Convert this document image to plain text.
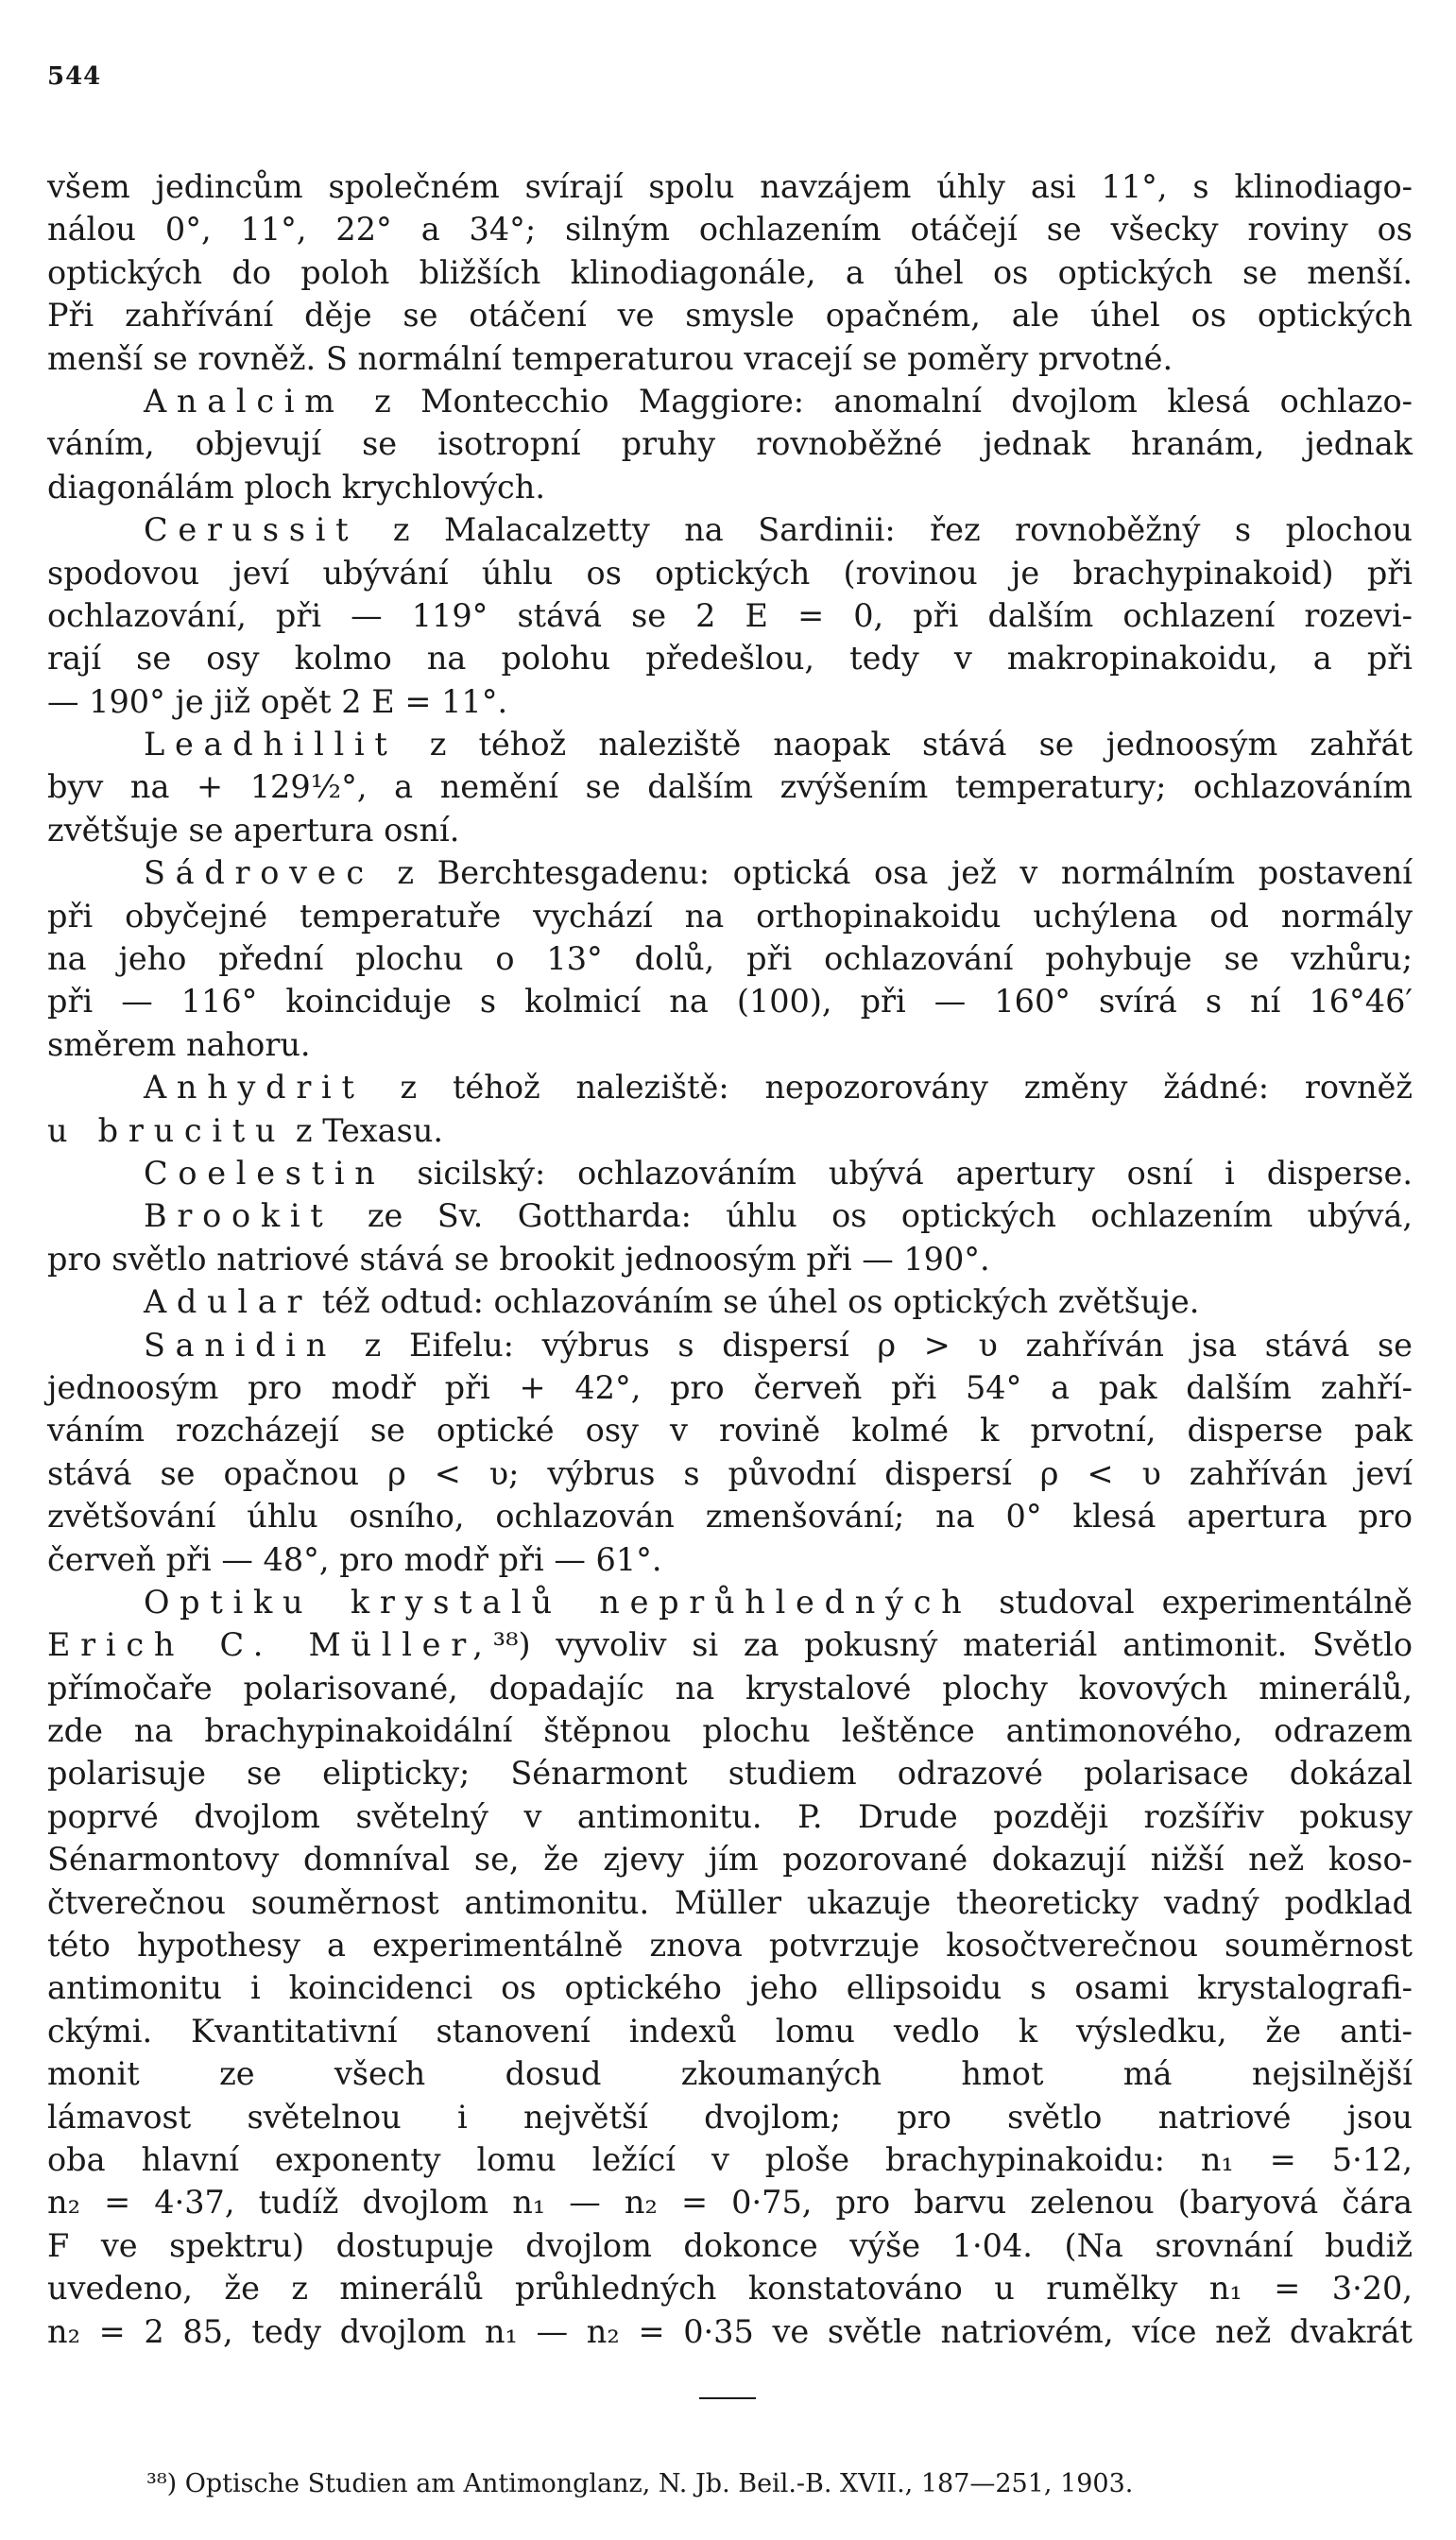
544
všem jedincům společném svírají spolu navzájem úhly asi 11°, s klinodiago-
nálou 0°, 11°, 22° a 34°; silným ochlazením otáčejí se všecky roviny os
optických do poloh bližších klinodiagonále, a úhel os optických se menší.
Při zahřívání děje se otáčení ve smysle opačném, ale úhel os optických
menší se rovněž. S normální temperaturou vracejí se poměry prvotné.
Analcim z Montecchio Maggiore: anomalní dvojlom klesá ochlazo-
váním, objevují se isotropní pruhy rovnoběžné jednak hranám, jednak
diagonálám ploch krychlových.
Cerussit z Malacalzetty na Sardinii: řez rovnoběžný s plochou
spodovou jeví ubývání úhlu os optických (rovinou je brachypinakoid) při
ochlazování, při — 119° stává se 2 E = 0, při dalším ochlazení rozevi-
rají se osy kolmo na polohu předešlou, tedy v makropinakoidu, a při
— 190° je již opět 2 E = 11°.
Leadhillit z téhož naleziště naopak stává se jednoosým zahřát
byv na + 129½°, a nemění se dalším zvýšením temperatury; ochlazováním
zvětšuje se apertura osní.
Sádrovec z Berchtesgadenu: optická osa jež v normálním postavení
při obyčejné temperatuře vychází na orthopinakoidu uchýlena od normály
na jeho přední plochu o 13° dolů, při ochlazování pohybuje se vzhůru;
při — 116° koinciduje s kolmicí na (100), při — 160° svírá s ní 16°46′
směrem nahoru.
Anhydrit z téhož naleziště: nepozorovány změny žádné: rovněž
u brucitu z Texasu.
Coelestin sicilský: ochlazováním ubývá apertury osní i disperse.
Brookit ze Sv. Gottharda: úhlu os optických ochlazením ubývá,
pro světlo natriové stává se brookit jednoosým při — 190°.
Adular též odtud: ochlazováním se úhel os optických zvětšuje.
Sanidin z Eifelu: výbrus s dispersí ρ > υ zahříván jsa stává se
jednoosým pro modř při + 42°, pro červeň při 54° a pak dalším zahří-
váním rozcházejí se optické osy v rovině kolmé k prvotní, disperse pak
stává se opačnou ρ < υ; výbrus s původní dispersí ρ < υ zahříván jeví
zvětšování úhlu osního, ochlazován zmenšování; na 0° klesá apertura pro
červeň při — 48°, pro modř při — 61°.
Optiku krystalů neprůhledných studoval experimentálně
Erich C. Müller,³⁸) vyvoliv si za pokusný materiál antimonit. Světlo
přímočaře polarisované, dopadajíc na krystalové plochy kovových minerálů,
zde na brachypinakoidální štěpnou plochu leštěnce antimonového, odrazem
polarisuje se elipticky; Sénarmont studiem odrazové polarisace dokázal
poprvé dvojlom světelný v antimonitu. P. Drude později rozšířiv pokusy
Sénarmontovy domníval se, že zjevy jím pozorované dokazují nižší než koso-
čtverečnou souměrnost antimonitu. Müller ukazuje theoreticky vadný podklad
této hypothesy a experimentálně znova potvrzuje kosočtverečnou souměrnost
antimonitu i koincidenci os optického jeho ellipsoidu s osami krystalografi-
ckými. Kvantitativní stanovení indexů lomu vedlo k výsledku, že anti-
monit ze všech dosud zkoumaných hmot má nejsilnější
lámavost světelnou i největší dvojlom; pro světlo natriové jsou
oba hlavní exponenty lomu ležící v ploše brachypinakoidu: n₁ = 5·12,
n₂ = 4·37, tudíž dvojlom n₁ — n₂ = 0·75, pro barvu zelenou (baryová čára
F ve spektru) dostupuje dvojlom dokonce výše 1·04. (Na srovnání budiž
uvedeno, že z minerálů průhledných konstatováno u rumělky n₁ = 3·20,
n₂ = 2 85, tedy dvojlom n₁ — n₂ = 0·35 ve světle natriovém, více než dvakrát
³⁸) Optische Studien am Antimonglanz, N. Jb. Beil.-B. XVII., 187—251, 1903.
